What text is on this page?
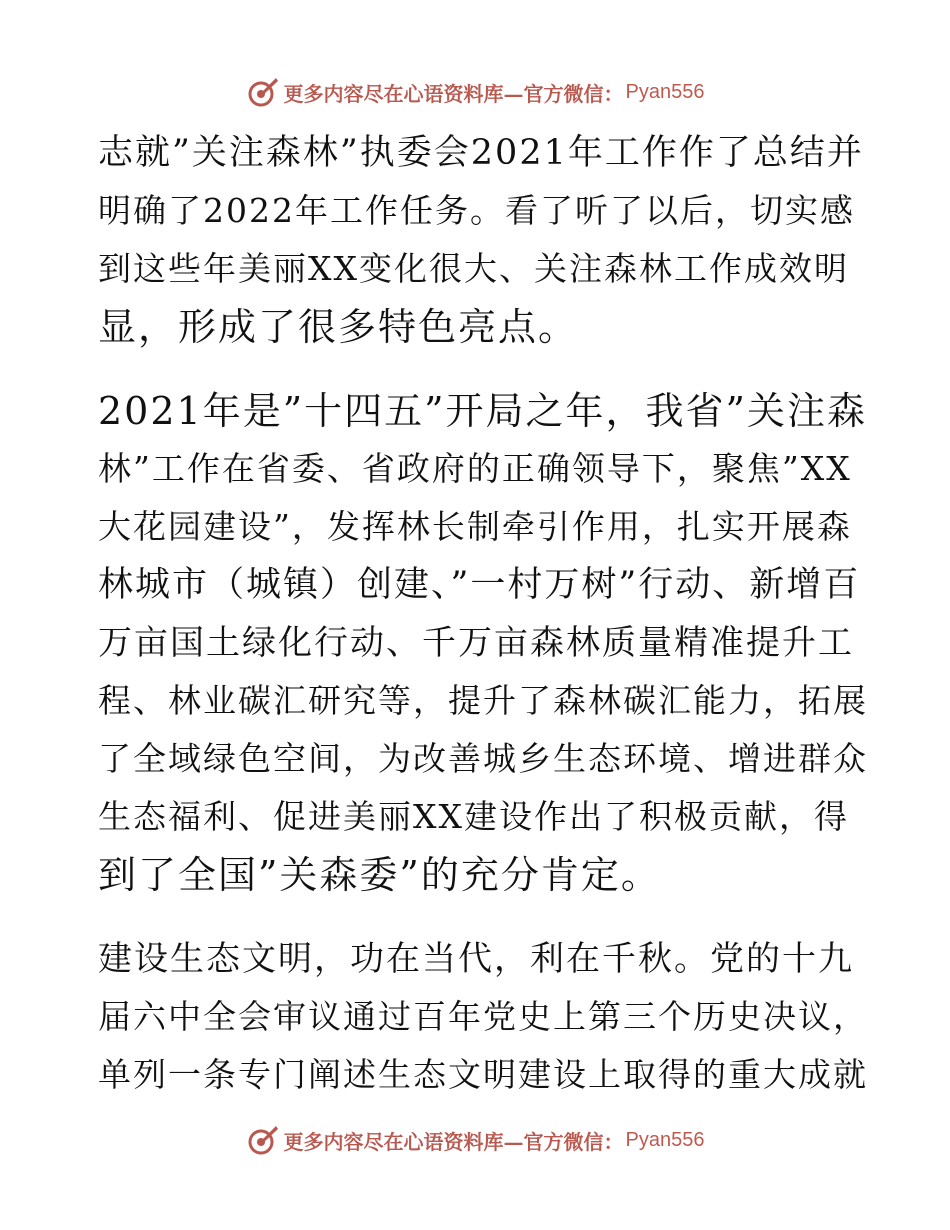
更多内容尽在心语资料库—官方微信： Pyan556
志就”关注森林”执委会2021年工作作了总结并
明确了2022年工作任务。看了听了以后，切实感
到这些年美丽XX变化很大、关注森林工作成效明
显，形成了很多特色亮点。
2021年是”十四五”开局之年，我省”关注森
林”工作在省委、省政府的正确领导下，聚焦”XX
大花园建设”，发挥林长制牵引作用，扎实开展森
林城市（城镇）创建、”一村万树”行动、新增百
万亩国土绿化行动、千万亩森林质量精准提升工
程、林业碳汇研究等，提升了森林碳汇能力，拓展
了全域绿色空间，为改善城乡生态环境、增进群众
生态福利、促进美丽XX建设作出了积极贡献，得
到了全国”关森委”的充分肯定。
建设生态文明，功在当代，利在千秋。党的十九
届六中全会审议通过百年党史上第三个历史决议，
单列一条专门阐述生态文明建设上取得的重大成就
更多内容尽在心语资料库—官方微信： Pyan556
